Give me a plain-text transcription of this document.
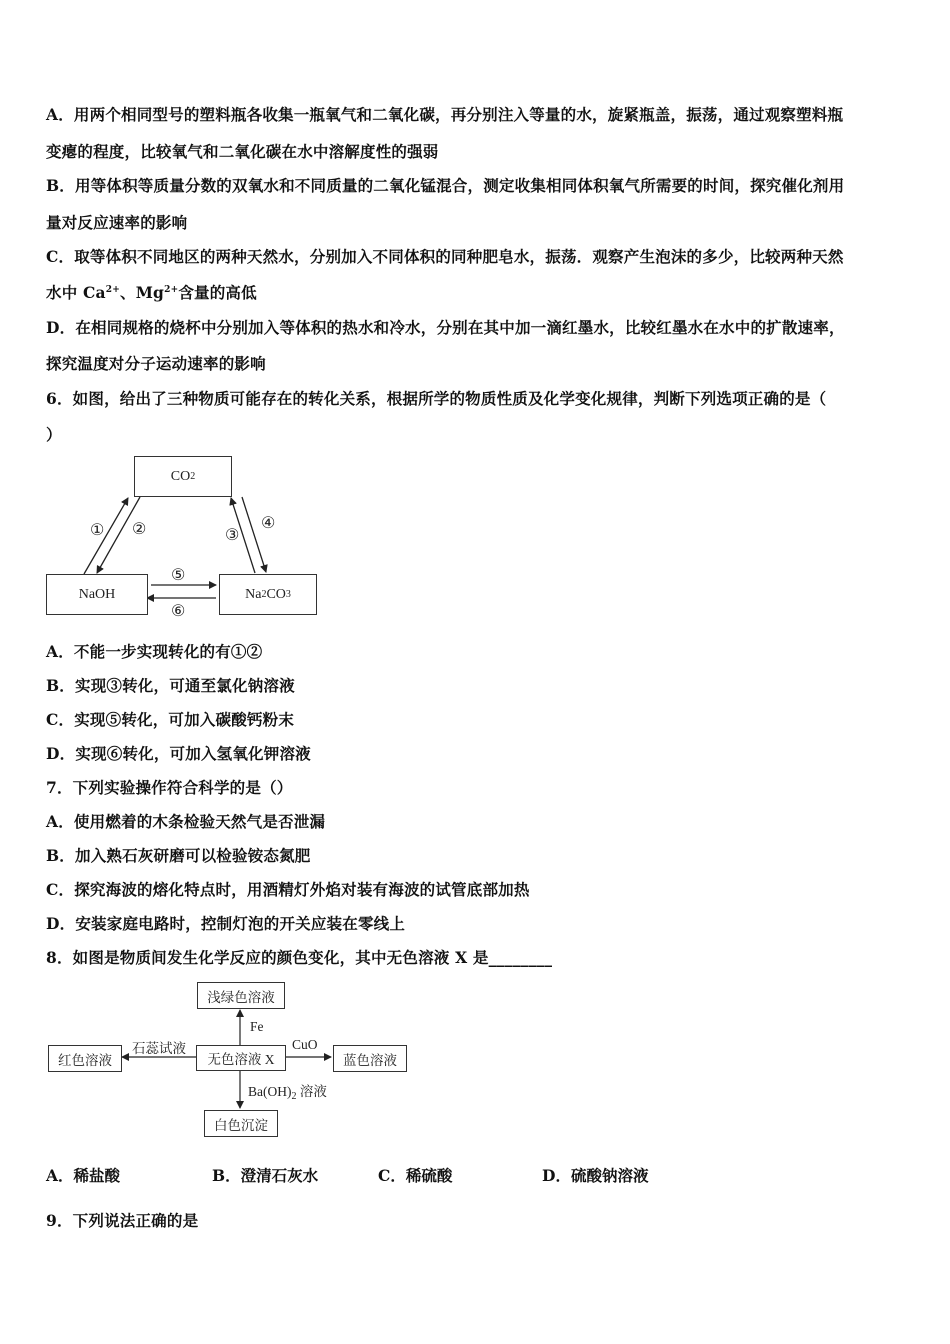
A．用两个相同型号的塑料瓶各收集一瓶氧气和二氧化碳，再分别注入等量的水，旋紧瓶盖，振荡，通过观察塑料瓶
变瘪的程度，比较氧气和二氧化碳在水中溶解度性的强弱
B．用等体积等质量分数的双氧水和不同质量的二氧化锰混合，测定收集相同体积氧气所需要的时间，探究催化剂用
量对反应速率的影响
C．取等体积不同地区的两种天然水，分别加入不同体积的同种肥皂水，振荡．观察产生泡沫的多少，比较两种天然
水中 $Ca^{2+}$、$Mg^{2+}$含量的高低
D．在相同规格的烧杯中分别加入等体积的热水和冷水，分别在其中加一滴红墨水，比较红墨水在水中的扩散速率，
探究温度对分子运动速率的影响
6．如图，给出了三种物质可能存在的转化关系，根据所学的物质性质及化学变化规律，判断下列选项正确的是（
）
CO 2
NaOH	Na 2 CO 3
① ②	③
④
⑤
⑥
A．不能一步实现转化的有①②
B．实现③转化，可通至氯化钠溶液
C．实现⑤转化，可加入碳酸钙粉末
D．实现⑥转化，可加入氢氧化钾溶液
7．下列实验操作符合科学的是（）
A．使用燃着的木条检验天然气是否泄漏
B．加入熟石灰研磨可以检验铵态氮肥
C．探究海波的熔化特点时，用酒精灯外焰对装有海波的试管底部加热
D．安装家庭电路时，控制灯泡的开关应装在零线上
8．如图是物质间发生化学反应的颜色变化，其中无色溶液 X 是________
浅绿色溶液
无色溶液 X
红色溶液	蓝色溶液
白色沉淀
Fe
石蕊试液	CuO
$Ba(OH)_2$ 溶液
A．稀盐酸	B．澄清石灰水	C．稀硫酸	D．硫酸钠溶液
9．下列说法正确的是
